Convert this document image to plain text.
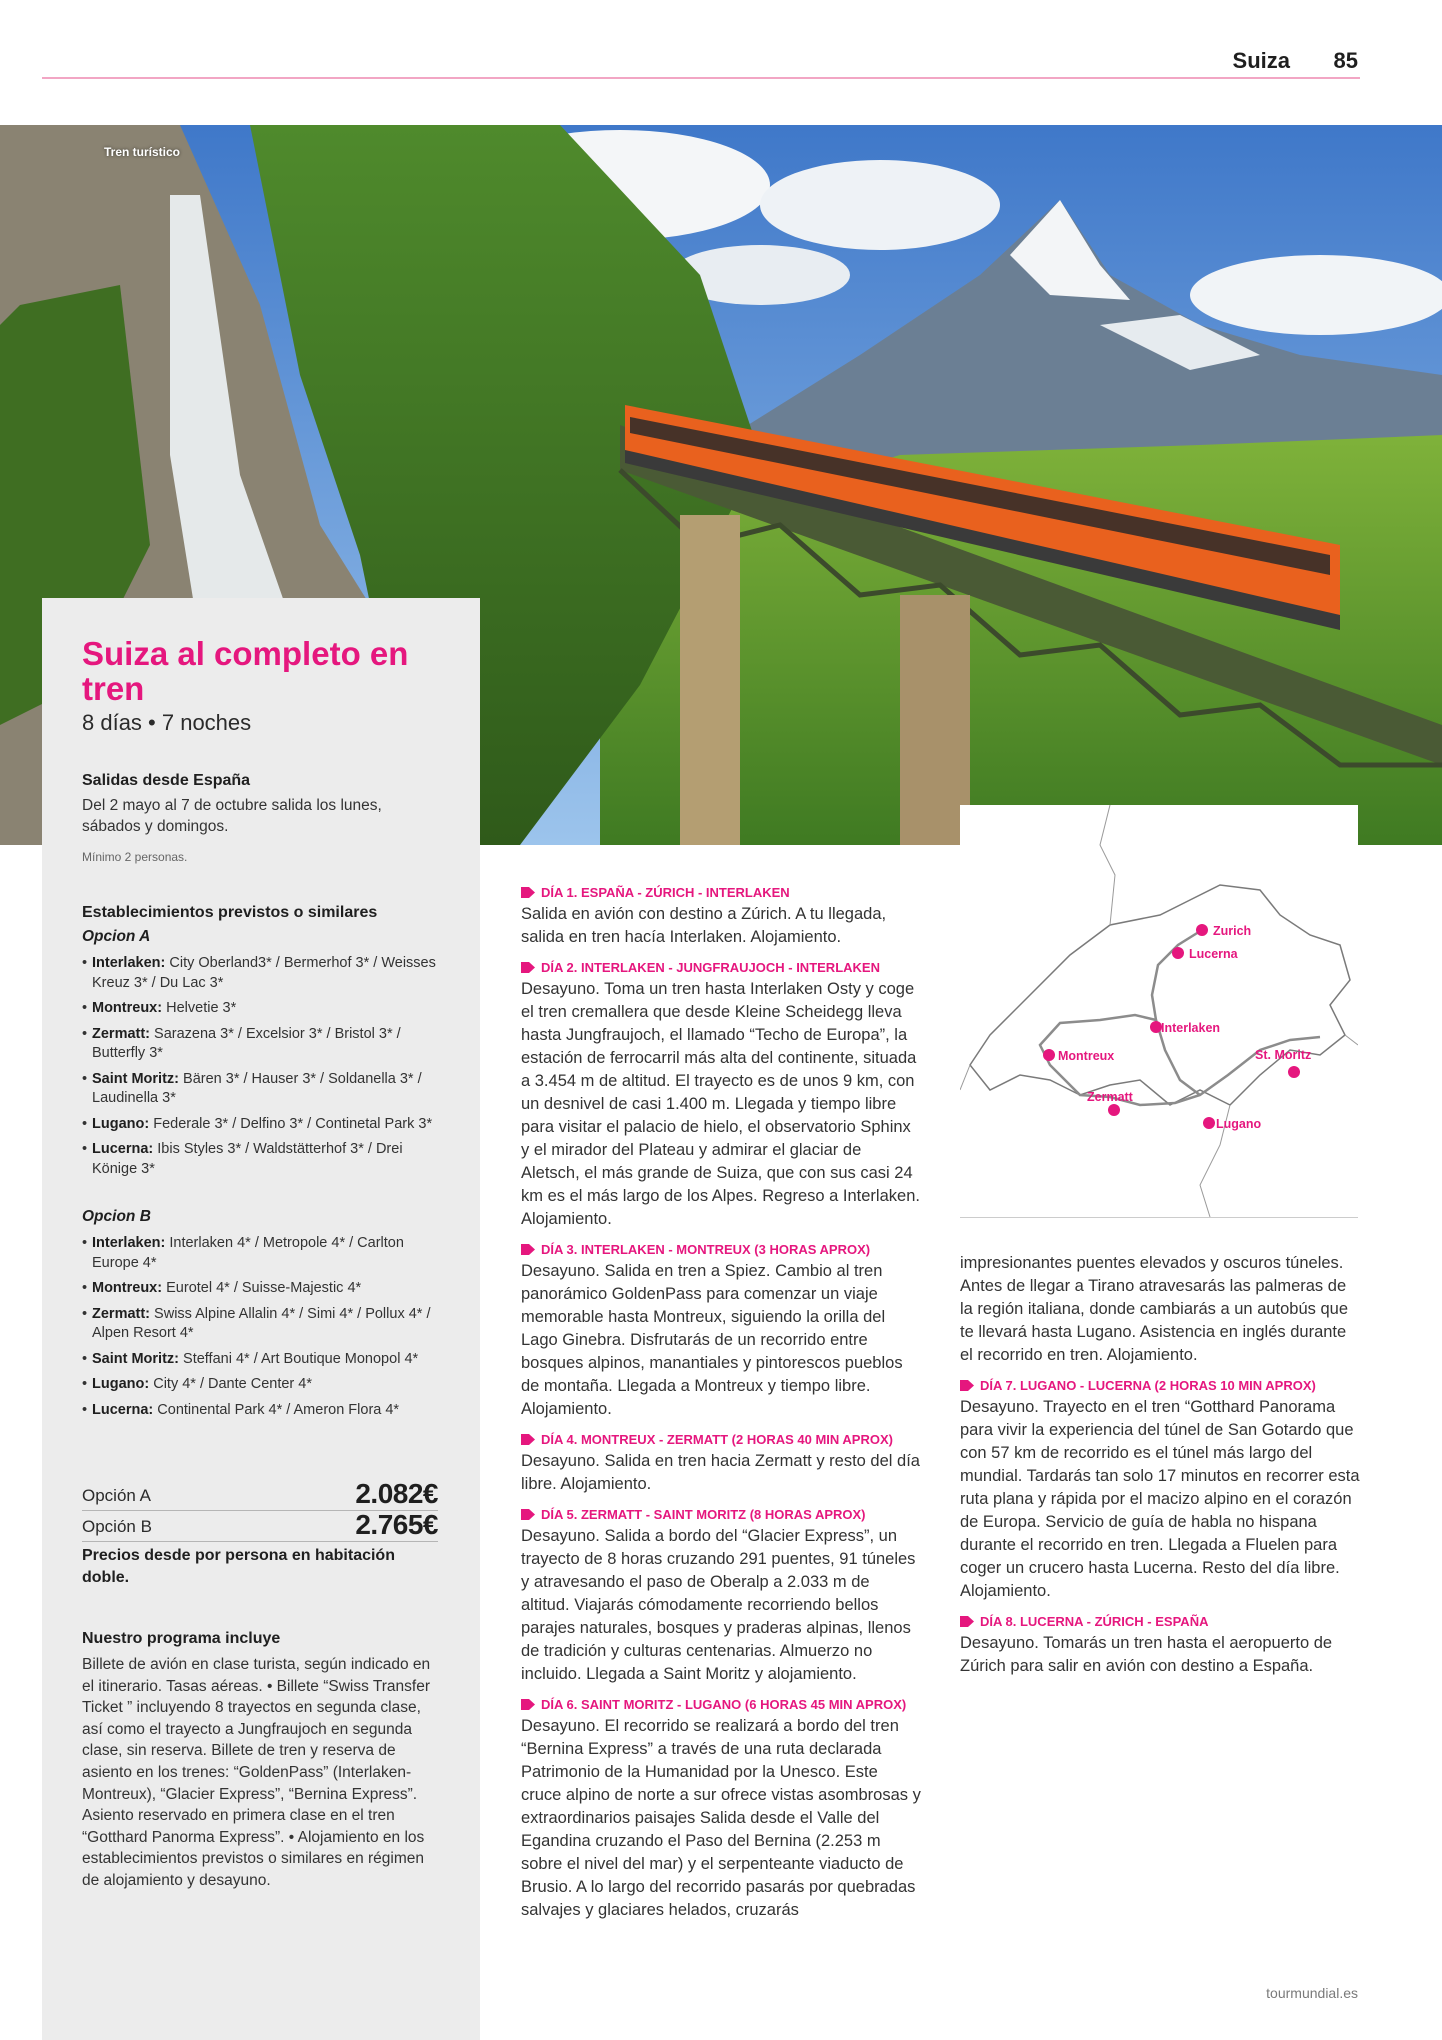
Suiza 85
Tren turístico
Suiza al completo en tren
8 días • 7 noches
Salidas desde España

Del 2 mayo al 7 de octubre salida los lunes, sábados y domingos.

Mínimo 2 personas.
Establecimientos previstos o similares
Opcion A
• Interlaken: City Oberland3* / Bermerhof 3* / Weisses Kreuz 3* / Du Lac 3*
• Montreux: Helvetie 3*
• Zermatt: Sarazena 3* / Excelsior 3* / Bristol 3* / Butterfly 3*
• Saint Moritz: Bären 3* / Hauser 3* / Soldanella 3* / Laudinella 3*
• Lugano: Federale 3* / Delfino 3* / Continetal Park 3*
• Lucerna: Ibis Styles 3* / Waldstätterhof 3* / Drei Könige 3*
Opcion B
• Interlaken: Interlaken 4* / Metropole 4* / Carlton Europe 4*
• Montreux: Eurotel 4* / Suisse-Majestic 4*
• Zermatt: Swiss Alpine Allalin 4* / Simi 4* / Pollux 4* / Alpen Resort 4*
• Saint Moritz: Steffani 4* / Art Boutique Monopol 4*
• Lugano: City 4* / Dante Center 4*
• Lucerna: Continental Park 4* / Ameron Flora 4*
Opción A	2.082€
Opción B	2.765€

Precios desde por persona en habitación doble.

Nuestro programa incluye

Billete de avión en clase turista, según indicado en el itinerario. Tasas aéreas. • Billete “Swiss Transfer Ticket ” incluyendo 8 trayectos en segunda clase, así como el trayecto a Jungfraujoch en segunda clase, sin reserva. Billete de tren y reserva de asiento en los trenes: “GoldenPass” (Interlaken-Montreux), “Glacier Express”, “Bernina Express”. Asiento reservado en primera clase en el tren “Gotthard Panorma Express”. • Alojamiento en los establecimientos previstos o similares en régimen de alojamiento y desayuno.

DÍA 1. ESPAÑA - ZÚRICH - INTERLAKEN

Salida en avión con destino a Zúrich. A tu llegada, salida en tren hacía Interlaken. Alojamiento.

DÍA 2. INTERLAKEN - JUNGFRAUJOCH - INTERLAKEN

Desayuno. Toma un tren hasta Interlaken Osty y coge el tren cremallera que desde Kleine Scheidegg lleva hasta Jungfraujoch, el llamado “Techo de Europa”, la estación de ferrocarril más alta del continente, situada a 3.454 m de altitud. El trayecto es de unos 9 km, con un desnivel de casi 1.400 m. Llegada y tiempo libre para visitar el palacio de hielo, el observatorio Sphinx y el mirador del Plateau y admirar el glaciar de Aletsch, el más grande de Suiza, que con sus casi 24 km es el más largo de los Alpes. Regreso a Interlaken. Alojamiento.

DÍA 3. INTERLAKEN - MONTREUX (3 HORAS APROX)

Desayuno. Salida en tren a Spiez. Cambio al tren panorámico GoldenPass para comenzar un viaje memorable hasta Montreux, siguiendo la orilla del Lago Ginebra. Disfrutarás de un recorrido entre bosques alpinos, manantiales y pintorescos pueblos de montaña. Llegada a Montreux y tiempo libre. Alojamiento.

DÍA 4. MONTREUX - ZERMATT (2 HORAS 40 MIN APROX)

Desayuno. Salida en tren hacia Zermatt y resto del día libre. Alojamiento.

DÍA 5. ZERMATT - SAINT MORITZ (8 HORAS APROX)

Desayuno. Salida a bordo del “Glacier Express”, un trayecto de 8 horas cruzando 291 puentes, 91 túneles y atravesando el paso de Oberalp a 2.033 m de altitud. Viajarás cómodamente recorriendo bellos parajes naturales, bosques y praderas alpinas, llenos de tradición y culturas centenarias. Almuerzo no incluido. Llegada a Saint Moritz y alojamiento.

DÍA 6. SAINT MORITZ - LUGANO (6 HORAS 45 MIN APROX)

Desayuno. El recorrido se realizará a bordo del tren “Bernina Express” a través de una ruta declarada Patrimonio de la Humanidad por la Unesco. Este cruce alpino de norte a sur ofrece vistas asombrosas y extraordinarios paisajes Salida desde el Valle del Egandina cruzando el Paso del Bernina (2.253 m sobre el nivel del mar) y el serpenteante viaducto de Brusio. A lo largo del recorrido pasarás por quebradas salvajes y glaciares helados, cruzarás

Zurich
Lucerna
Interlaken
Montreux	St. Moritz
Zermatt
Lugano

impresionantes puentes elevados y oscuros túneles. Antes de llegar a Tirano atravesarás las palmeras de la región italiana, donde cambiarás a un autobús que te llevará hasta Lugano. Asistencia en inglés durante el recorrido en tren. Alojamiento.

DÍA 7. LUGANO - LUCERNA (2 HORAS 10 MIN APROX)

Desayuno. Trayecto en el tren “Gotthard Panorama para vivir la experiencia del túnel de San Gotardo que con 57 km de recorrido es el túnel más largo del mundial. Tardarás tan solo 17 minutos en recorrer esta ruta plana y rápida por el macizo alpino en el corazón de Europa. Servicio de guía de habla no hispana durante el recorrido en tren. Llegada a Fluelen para coger un crucero hasta Lucerna. Resto del día libre. Alojamiento.

DÍA 8. LUCERNA - ZÚRICH - ESPAÑA

Desayuno. Tomarás un tren hasta el aeropuerto de Zúrich para salir en avión con destino a España.

tourmundial.es
